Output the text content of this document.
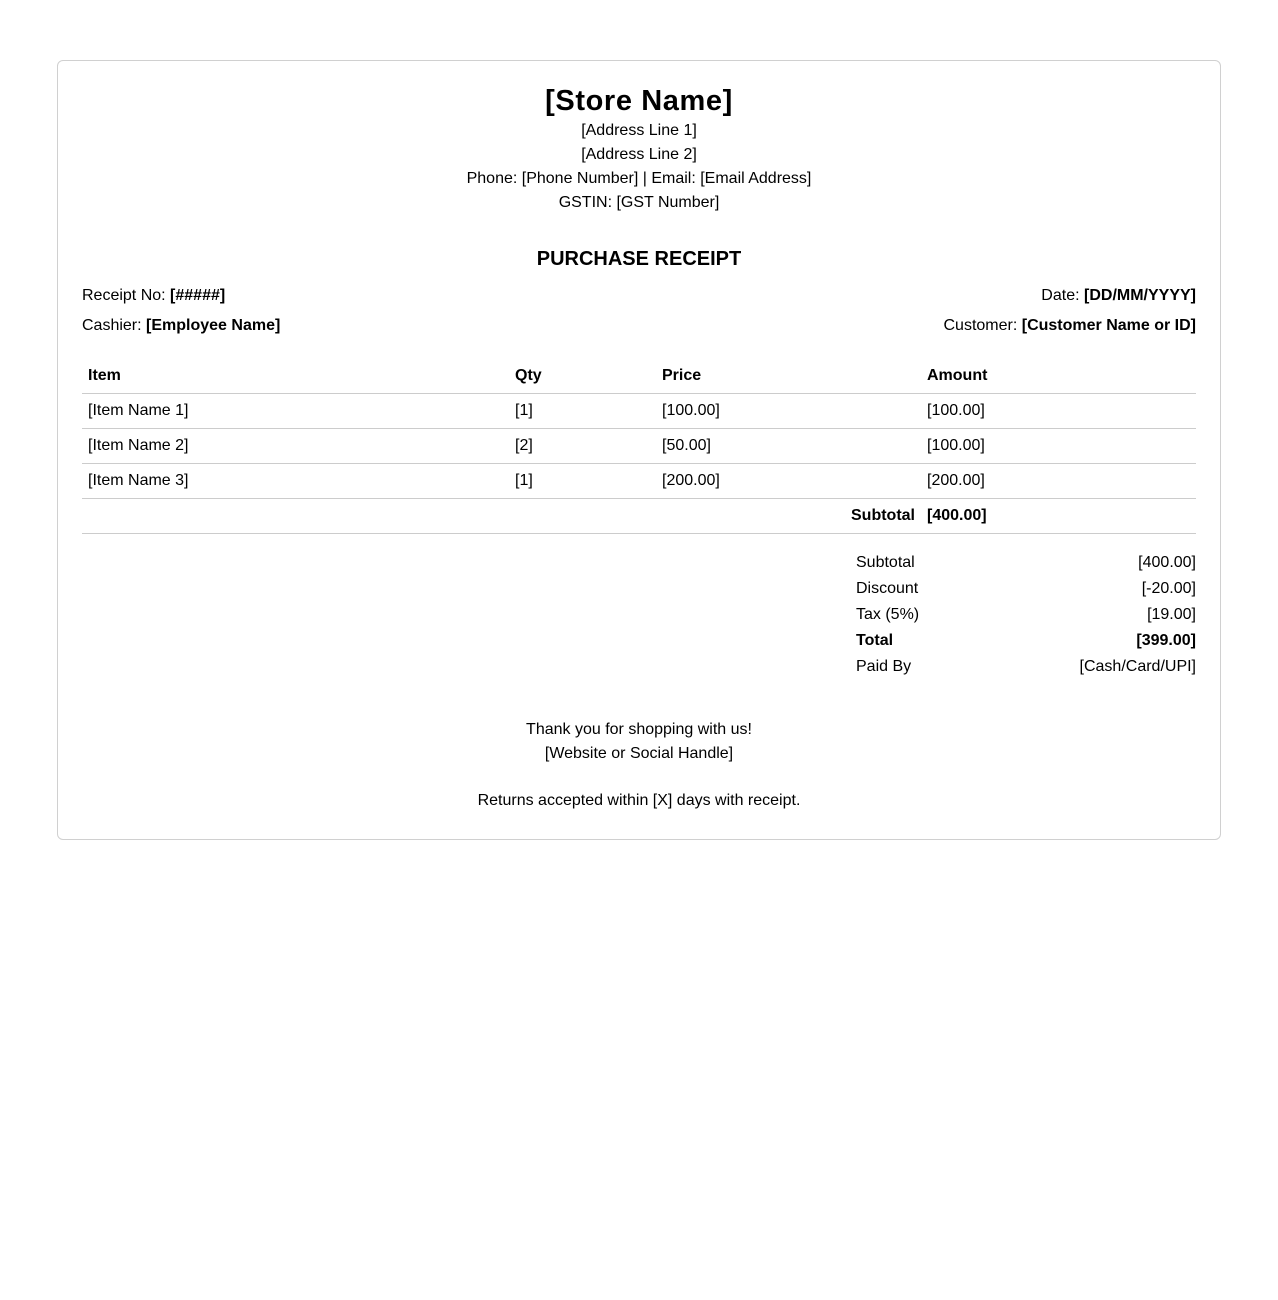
[Store Name]
[Address Line 1]
[Address Line 2]
Phone: [Phone Number] | Email: [Email Address]
GSTIN: [GST Number]
PURCHASE RECEIPT
Receipt No: [#####]	Date: [DD/MM/YYYY]
Cashier: [Employee Name]	Customer: [Customer Name or ID]
Item	Qty	Price	Amount
[Item Name 1]	[1]	[100.00]	[100.00]
[Item Name 2]	[2]	[50.00]	[100.00]
[Item Name 3]	[1]	[200.00]	[200.00]
Subtotal			[400.00]
Subtotal	[400.00]
Discount	[-20.00]
Tax (5%)	[19.00]
Total	[399.00]
Paid By	[Cash/Card/UPI]
Thank you for shopping with us!
[Website or Social Handle]
Returns accepted within [X] days with receipt.
